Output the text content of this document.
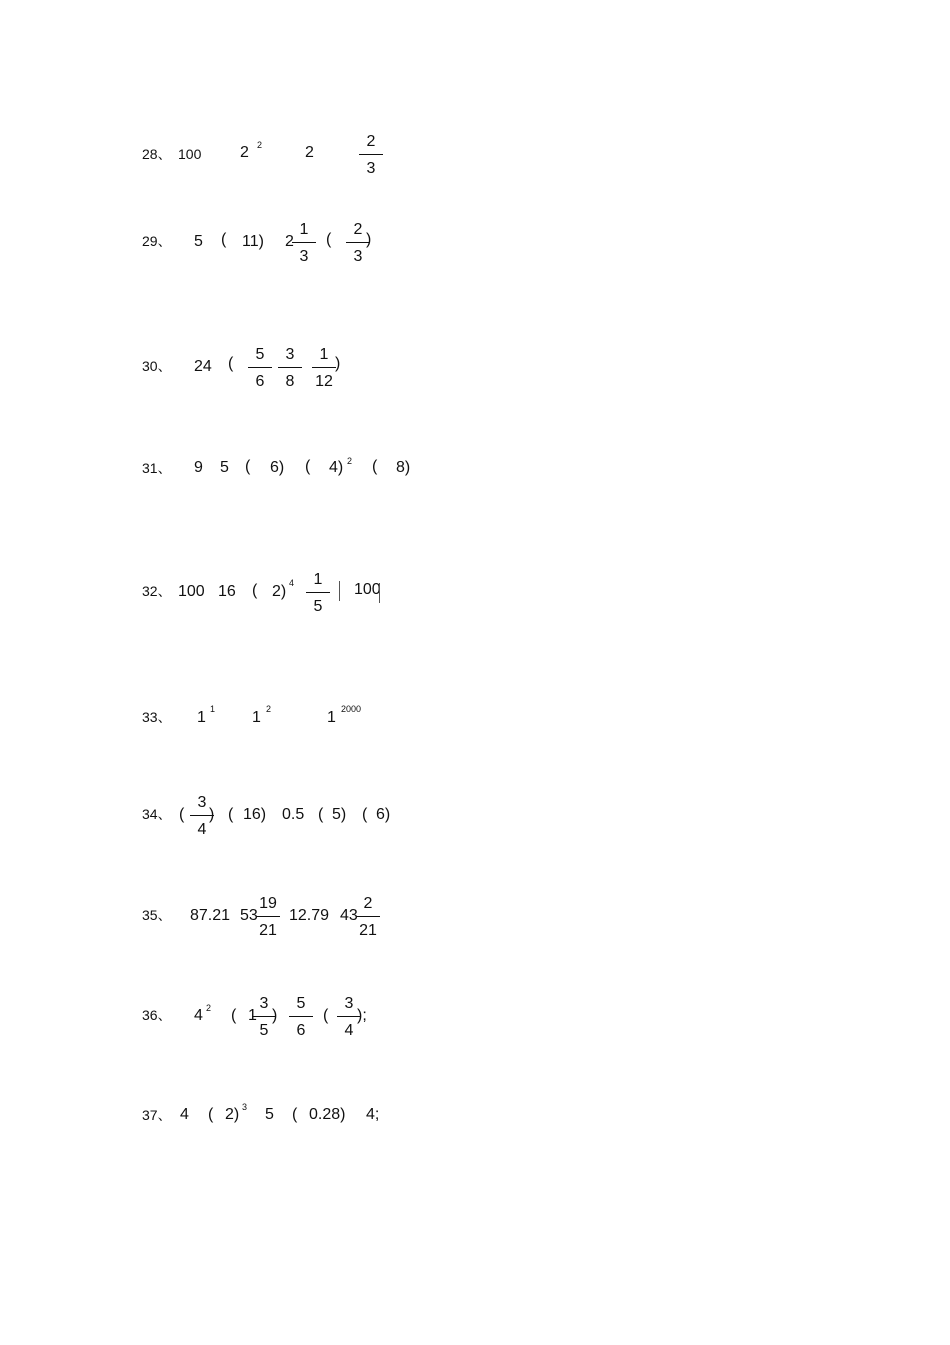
28、 100 2 2	2
2
3
29、 5 ( 11) 2
1
3
(
2
3
)
30、 24 (
5
6
3
8
1
12
)
31、 9 5 ( 6) ( 4) 2 ( 8)
32、 100 16 ( 2) 4	1
5
100
33、 1 1 1 2	1 2000
34、 (
3
4
) ( 16) 0.5 ( 5) ( 6)
35、 87.21 53
19
21
12.79 43
2
21
36、 4 2 ( 1
3
5
)
5
6
(
3
4
);
37、 4 ( 2) 3 5 ( 0.28) 4;
